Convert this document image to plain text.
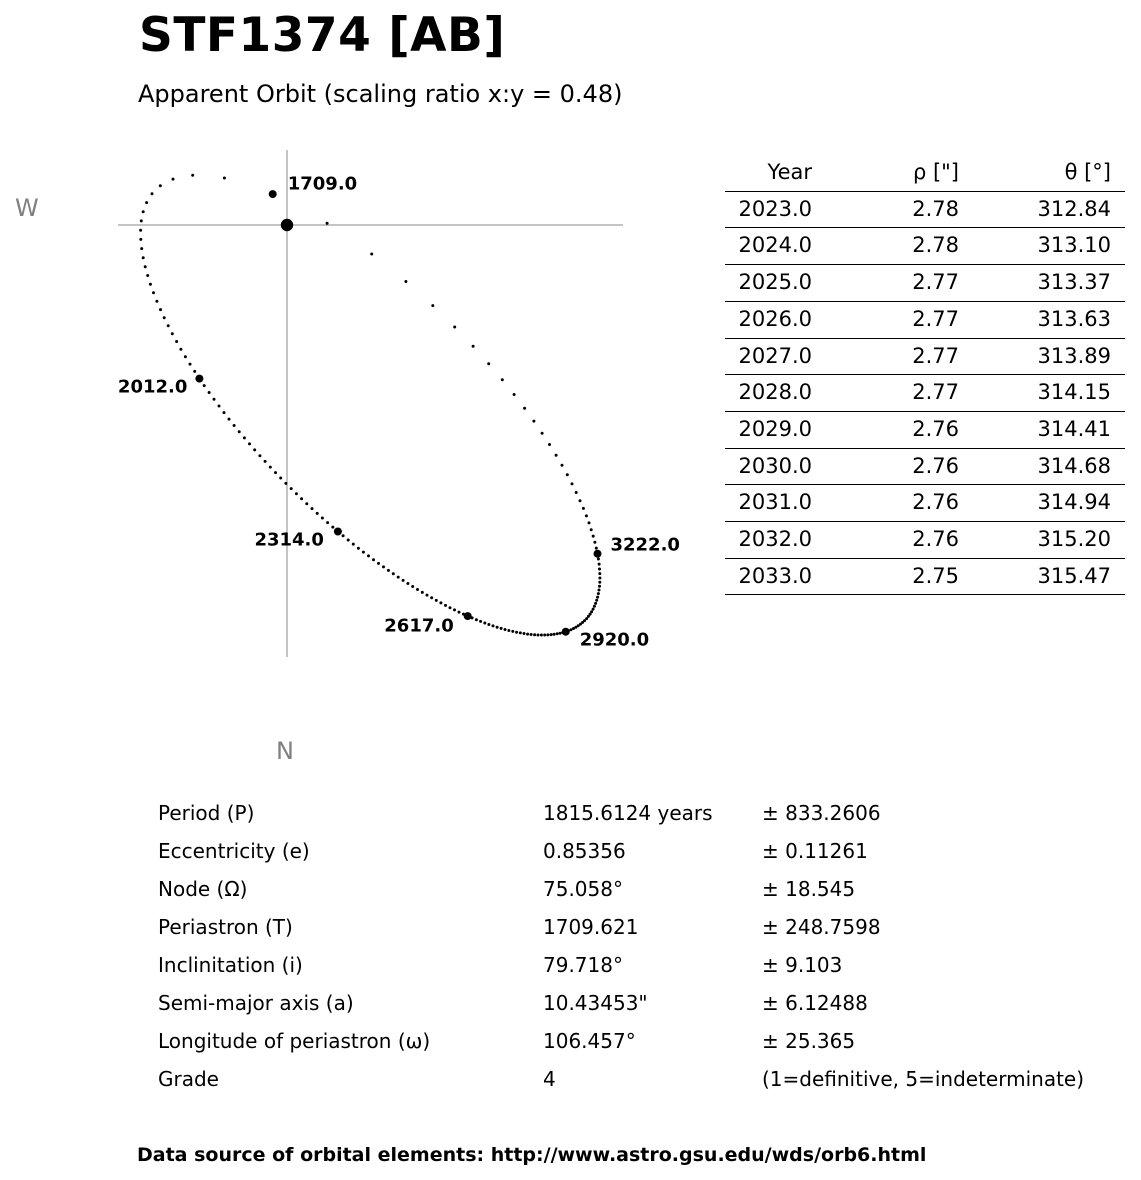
STF1374 [AB]
Apparent Orbit (scaling ratio x:y = 0.48)
1709.0
2012.0
2314.0
2617.0
2920.0
3222.0
W
N
Year	ρ ["]	θ [°]
2023.0	2.78	312.84
2024.0	2.78	313.10
2025.0	2.77	313.37
2026.0	2.77	313.63
2027.0	2.77	313.89
2028.0	2.77	314.15
2029.0	2.76	314.41
2030.0	2.76	314.68
2031.0	2.76	314.94
2032.0	2.76	315.20
2033.0	2.75	315.47
Period (P)	1815.6124 years ± 833.2606
Eccentricity (e)	0.85356	± 0.11261
Node (Ω)	75.058°	± 18.545
Periastron (T)	1709.621	± 248.7598
Inclinitation (i)	79.718°	± 9.103
Semi-major axis (a)	10.43453"	± 6.12488
Longitude of periastron (ω)	106.457°	± 25.365
Grade	4	(1=definitive, 5=indeterminate)
Data source of orbital elements: http://www.astro.gsu.edu/wds/orb6.html
